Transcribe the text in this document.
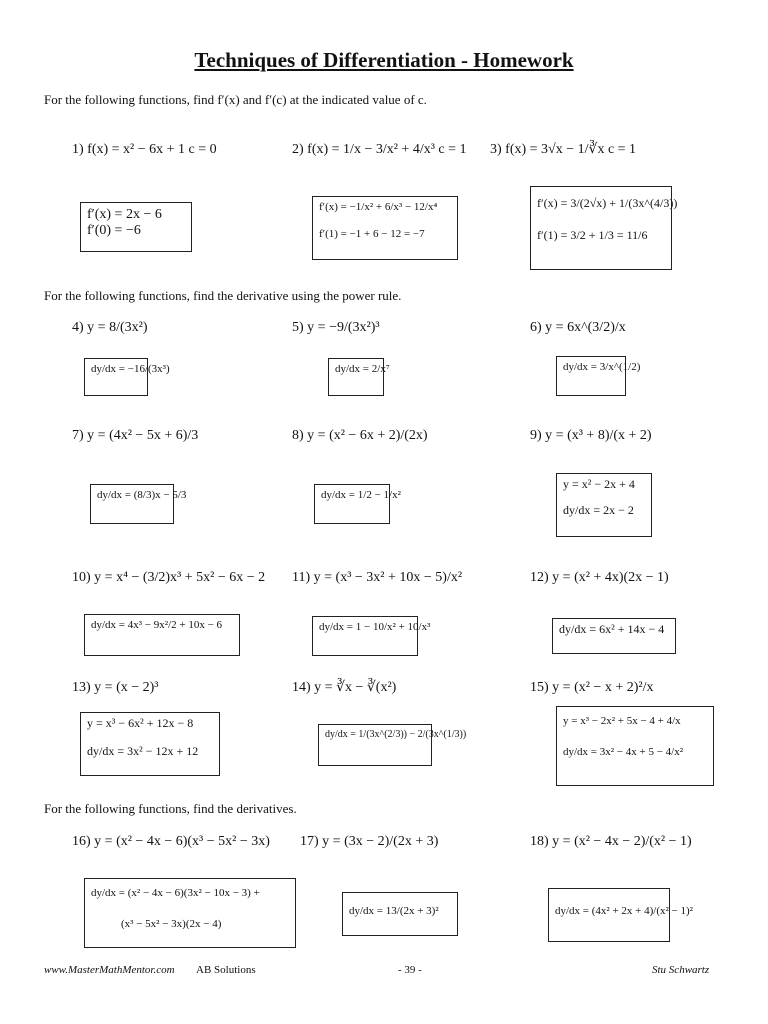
Techniques of Differentiation - Homework
For the following functions, find f′(x) and f′(c) at the indicated value of c.
For the following functions, find the derivative using the power rule.
For the following functions, find the derivatives.
1) f(x) = x² − 6x + 1 c = 0	2) f(x) = 1/x − 3/x² + 4/x³ c = 1 3) f(x) = 3√x − 1/∛x c = 1
f′(x) = 2x − 6
f′(0) = −6
f′(x) = −1/x² + 6/x³ − 12/x⁴
f′(1) = −1 + 6 − 12 = −7
f′(x) = 3/(2√x) + 1/(3x^(4/3))
f′(1) = 3/2 + 1/3 = 11/6
4) y = 8/(3x²)	5) y = −9/(3x²)³	6) y = 6x^(3/2)/x
dy/dx = −16/(3x³)	dy/dx = 2/x⁷	dy/dx = 3/x^(1/2)
7) y = (4x² − 5x + 6)/3	8) y = (x² − 6x + 2)/(2x)	9) y = (x³ + 8)/(x + 2)
dy/dx = (8/3)x − 5/3	dy/dx = 1/2 − 1/x²
y = x² − 2x + 4
dy/dx = 2x − 2
10) y = x⁴ − (3/2)x³ + 5x² − 6x − 2 11) y = (x³ − 3x² + 10x − 5)/x²	12) y = (x² + 4x)(2x − 1)
dy/dx = 4x³ − 9x²/2 + 10x − 6	dy/dx = 1 − 10/x² + 10/x³	dy/dx = 6x² + 14x − 4
13) y = (x − 2)³	14) y = ∛x − ∛(x²)	15) y = (x² − x + 2)²/x
y = x³ − 6x² + 12x − 8
dy/dx = 3x² − 12x + 12
dy/dx = 1/(3x^(2/3)) − 2/(3x^(1/3))
y = x³ − 2x² + 5x − 4 + 4/x
dy/dx = 3x² − 4x + 5 − 4/x²
16) y = (x² − 4x − 6)(x³ − 5x² − 3x) 17) y = (3x − 2)/(2x + 3)	18) y = (x² − 4x − 2)/(x² − 1)
dy/dx = (x² − 4x − 6)(3x² − 10x − 3) +
(x³ − 5x² − 3x)(2x − 4)
dy/dx = 13/(2x + 3)²	dy/dx = (4x² + 2x + 4)/(x² − 1)²
www.MasterMathMentor.com AB Solutions	- 39 -	Stu Schwartz
